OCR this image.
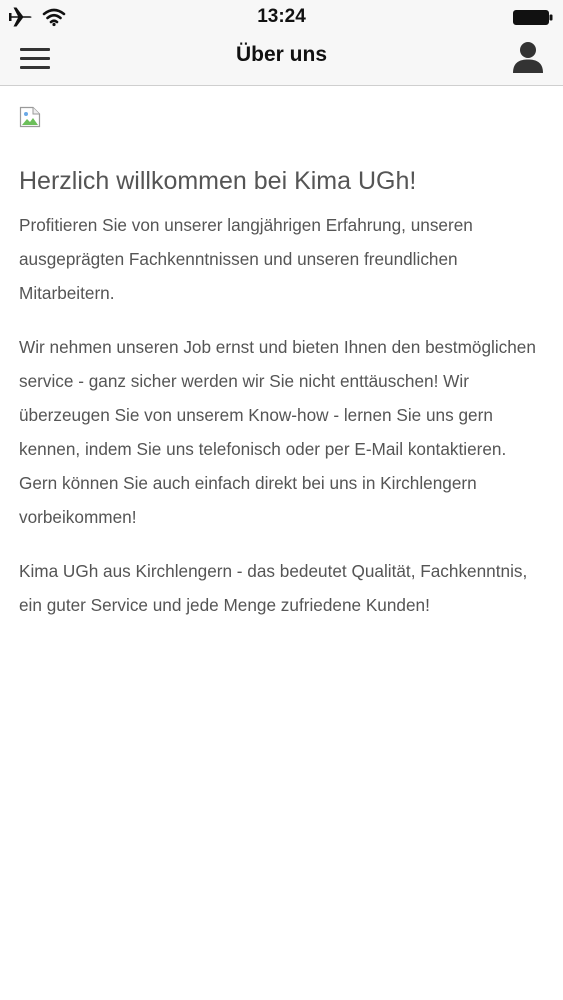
13:24
Über uns
Herzlich willkommen bei Kima UGh!

Profitieren Sie von unserer langjährigen Erfahrung, unseren ausgeprägten Fachkenntnissen und unseren freundlichen Mitarbeitern.

Wir nehmen unseren Job ernst und bieten Ihnen den bestmöglichen service - ganz sicher werden wir Sie nicht enttäuschen! Wir überzeugen Sie von unserem Know-how - lernen Sie uns gern kennen, indem Sie uns telefonisch oder per E-Mail kontaktieren. Gern können Sie auch einfach direkt bei uns in Kirchlengern vorbeikommen!

Kima UGh aus Kirchlengern - das bedeutet Qualität, Fachkenntnis, ein guter Service und jede Menge zufriedene Kunden!
